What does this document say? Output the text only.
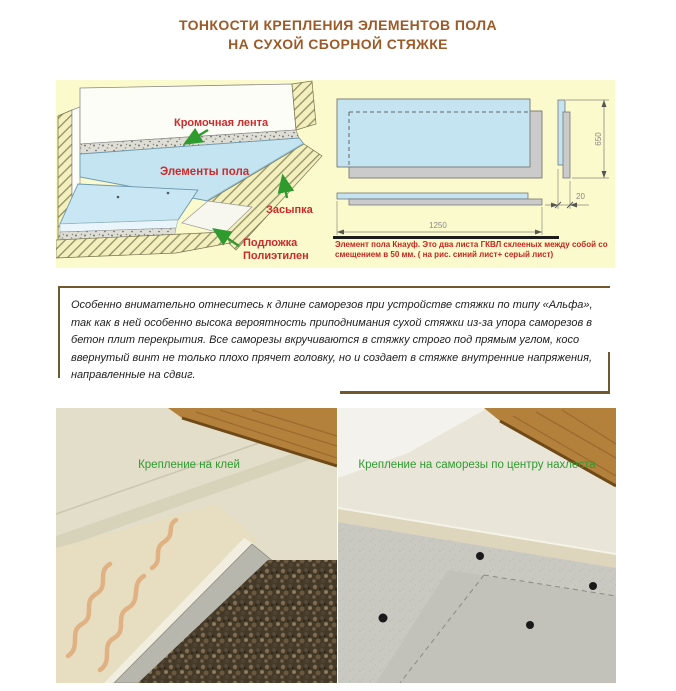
ТОНКОСТИ КРЕПЛЕНИЯ ЭЛЕМЕНТОВ ПОЛА
НА СУХОЙ СБОРНОЙ СТЯЖКЕ
Кромочная лента
Элементы пола
Засыпка
Подложка
Полиэтилен
1250
650
20
Элемент пола Кнауф. Это два листа ГКВЛ склееных между собой со смещением в 50 мм. ( на рис. синий лист+ серый лист)
Особенно внимательно отнеситесь к длине саморезов при устройстве стяжки по типу «Альфа», так как в ней особенно высока вероятность приподнимания сухой стяжки из-за упора саморезов в бетон плит перекрытия. Все саморезы вкручиваются в стяжку строго под прямым углом, косо ввернутый винт не только плохо прячет головку, но и создает в стяжке внутренние напряжения, направленные на сдвиг.
Крепление на клей	Крепление на саморезы по центру нахлеста
